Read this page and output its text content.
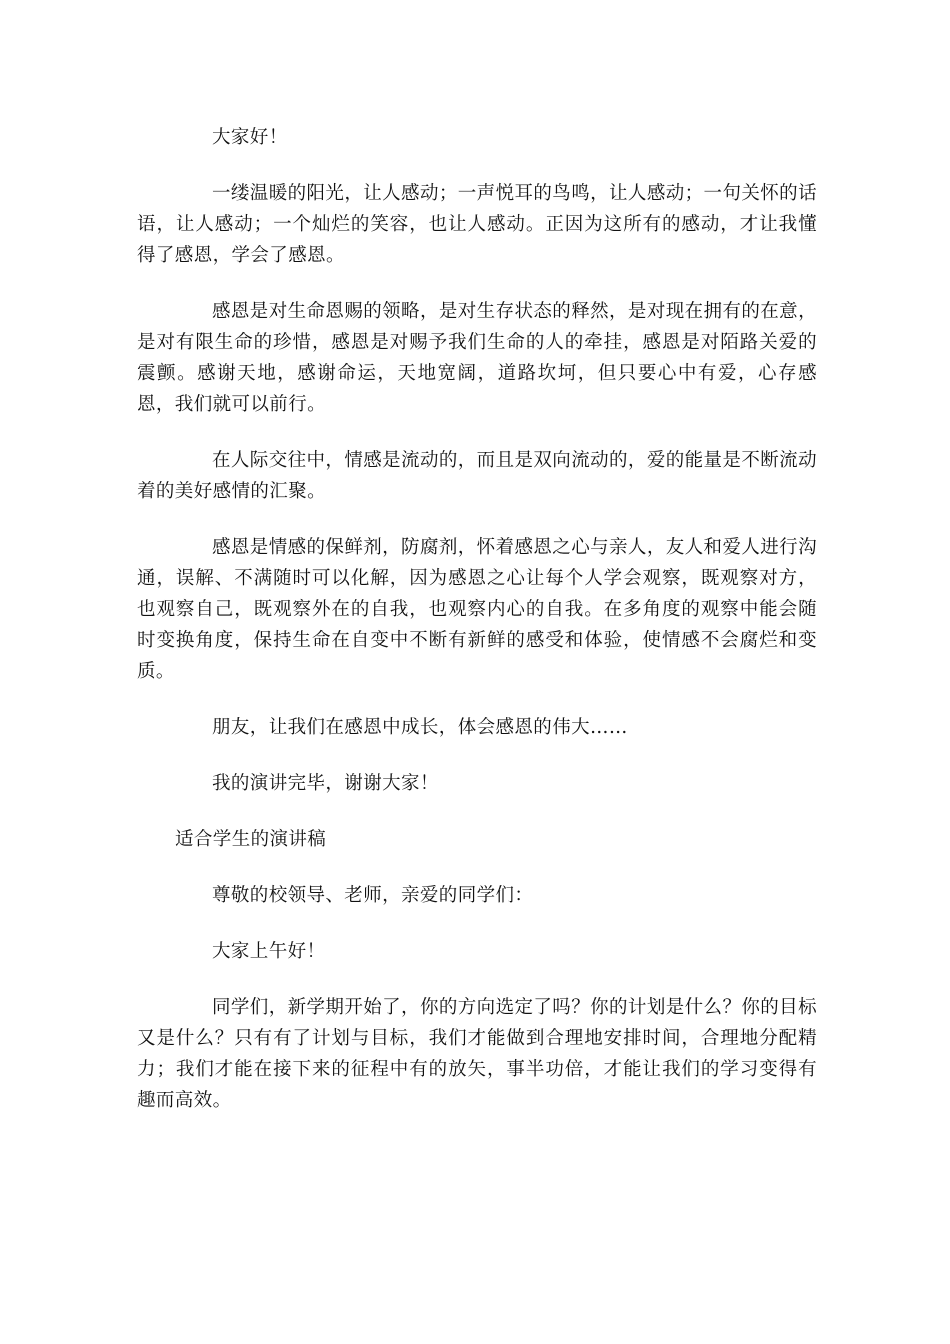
大家好！

一缕温暖的阳光，让人感动；一声悦耳的鸟鸣，让人感动；一句关怀的话语，让人感动；一个灿烂的笑容，也让人感动。正因为这所有的感动，才让我懂得了感恩，学会了感恩。

感恩是对生命恩赐的领略，是对生存状态的释然，是对现在拥有的在意，是对有限生命的珍惜，感恩是对赐予我们生命的人的牵挂，感恩是对陌路关爱的震颤。感谢天地，感谢命运，天地宽阔，道路坎坷，但只要心中有爱，心存感恩，我们就可以前行。

在人际交往中，情感是流动的，而且是双向流动的，爱的能量是不断流动着的美好感情的汇聚。

感恩是情感的保鲜剂，防腐剂，怀着感恩之心与亲人，友人和爱人进行沟通，误解、不满随时可以化解，因为感恩之心让每个人学会观察，既观察对方，也观察自己，既观察外在的自我，也观察内心的自我。在多角度的观察中能会随时变换角度，保持生命在自变中不断有新鲜的感受和体验，使情感不会腐烂和变质。

朋友，让我们在感恩中成长，体会感恩的伟大……

我的演讲完毕，谢谢大家！

适合学生的演讲稿

尊敬的校领导、老师，亲爱的同学们：

大家上午好！

同学们，新学期开始了，你的方向选定了吗？你的计划是什么？你的目标又是什么？只有有了计划与目标，我们才能做到合理地安排时间，合理地分配精力；我们才能在接下来的征程中有的放矢，事半功倍，才能让我们的学习变得有趣而高效。
